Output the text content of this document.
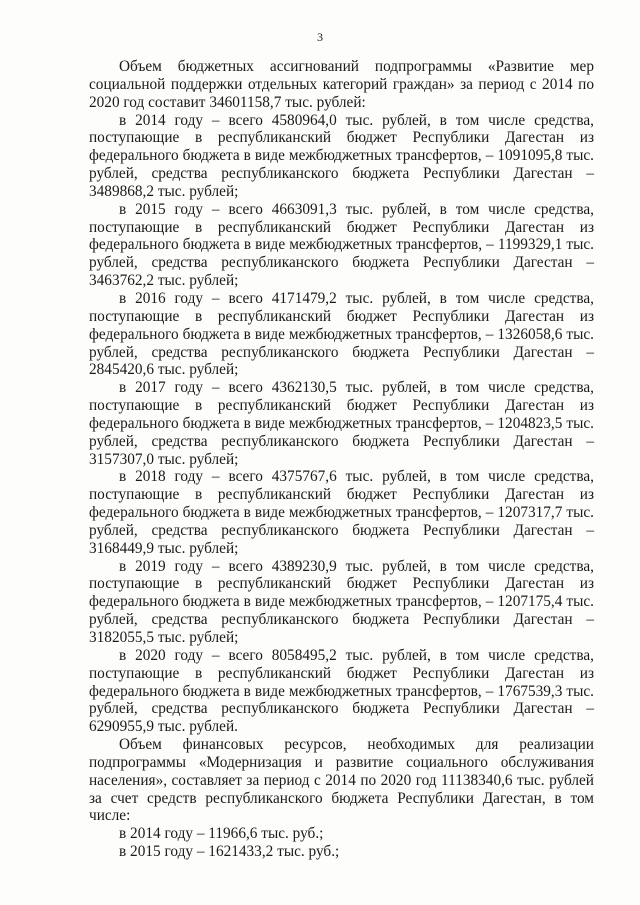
3

Объем бюджетных ассигнований подпрограммы «Развитие мер социальной поддержки отдельных категорий граждан» за период с 2014 по 2020 год составит 34601158,7 тыс. рублей:

в 2014 году – всего 4580964,0 тыс. рублей, в том числе средства, поступающие в республиканский бюджет Республики Дагестан из федерального бюджета в виде межбюджетных трансфертов, – 1091095,8 тыс. рублей, средства республиканского бюджета Республики Дагестан – 3489868,2 тыс. рублей;

в 2015 году – всего 4663091,3 тыс. рублей, в том числе средства, поступающие в республиканский бюджет Республики Дагестан из федерального бюджета в виде межбюджетных трансфертов, – 1199329,1 тыс. рублей, средства республиканского бюджета Республики Дагестан – 3463762,2 тыс. рублей;

в 2016 году – всего 4171479,2 тыс. рублей, в том числе средства, поступающие в республиканский бюджет Республики Дагестан из федерального бюджета в виде межбюджетных трансфертов, – 1326058,6 тыс. рублей, средства республиканского бюджета Республики Дагестан – 2845420,6 тыс. рублей;

в 2017 году – всего 4362130,5 тыс. рублей, в том числе средства, поступающие в республиканский бюджет Республики Дагестан из федерального бюджета в виде межбюджетных трансфертов, – 1204823,5 тыс. рублей, средства республиканского бюджета Республики Дагестан – 3157307,0 тыс. рублей;

в 2018 году – всего 4375767,6 тыс. рублей, в том числе средства, поступающие в республиканский бюджет Республики Дагестан из федерального бюджета в виде межбюджетных трансфертов, – 1207317,7 тыс. рублей, средства республиканского бюджета Республики Дагестан – 3168449,9 тыс. рублей;

в 2019 году – всего 4389230,9 тыс. рублей, в том числе средства, поступающие в республиканский бюджет Республики Дагестан из федерального бюджета в виде межбюджетных трансфертов, – 1207175,4 тыс. рублей, средства республиканского бюджета Республики Дагестан – 3182055,5 тыс. рублей;

в 2020 году – всего 8058495,2 тыс. рублей, в том числе средства, поступающие в республиканский бюджет Республики Дагестан из федерального бюджета в виде межбюджетных трансфертов, – 1767539,3 тыс. рублей, средства республиканского бюджета Республики Дагестан – 6290955,9 тыс. рублей.

Объем финансовых ресурсов, необходимых для реализации подпрограммы «Модернизация и развитие социального обслуживания населения», составляет за период с 2014 по 2020 год 11138340,6 тыс. рублей за счет средств республиканского бюджета Республики Дагестан, в том числе:

в 2014 году – 11966,6 тыс. руб.;

в 2015 году – 1621433,2 тыс. руб.;
